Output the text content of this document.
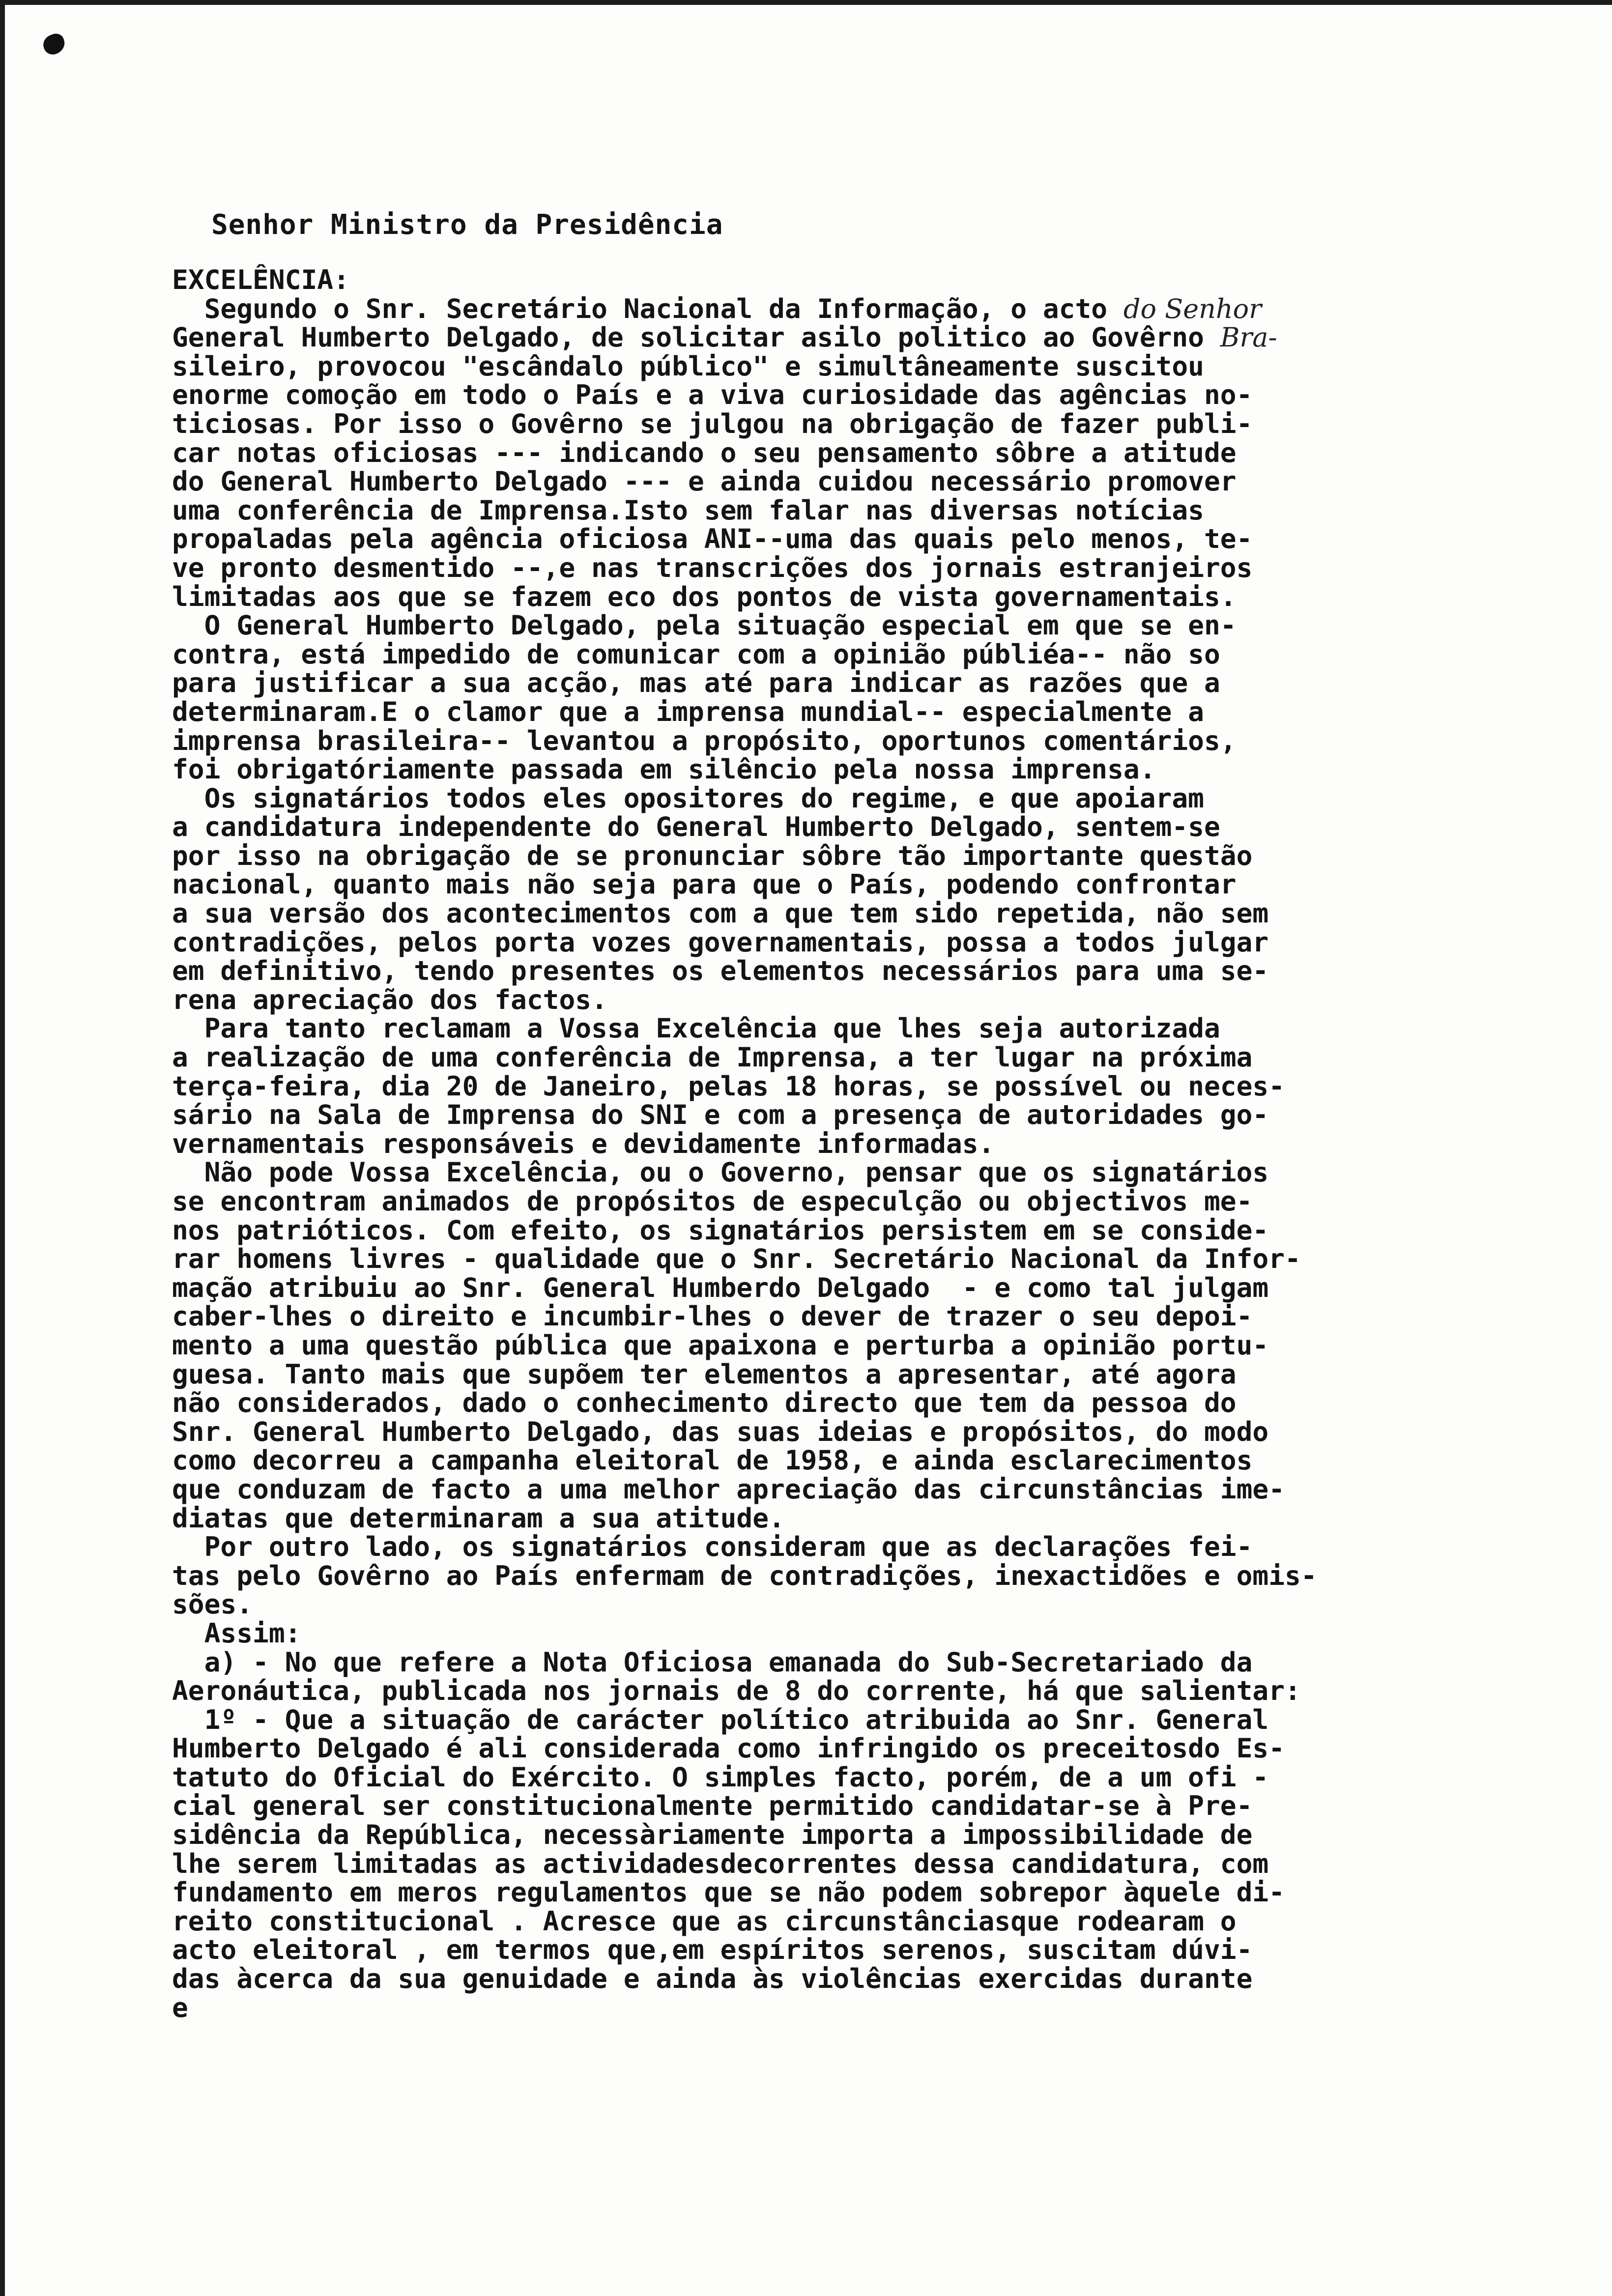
Senhor Ministro da Presidência
EXCELÊNCIA:
Segundo o Snr. Secretário Nacional da Informação, o acto do Senhor
General Humberto Delgado, de solicitar asilo politico ao Govêrno Bra-
sileiro, provocou "escândalo público" e simultâneamente suscitou
enorme comoção em todo o País e a viva curiosidade das agências no-
ticiosas. Por isso o Govêrno se julgou na obrigação de fazer publi-
car notas oficiosas --- indicando o seu pensamento sôbre a atitude
do General Humberto Delgado --- e ainda cuidou necessário promover
uma conferência de Imprensa.Isto sem falar nas diversas notícias
propaladas pela agência oficiosa ANI--uma das quais pelo menos, te-
ve pronto desmentido --,e nas transcrições dos jornais estranjeiros
limitadas aos que se fazem eco dos pontos de vista governamentais.
O General Humberto Delgado, pela situação especial em que se en-
contra, está impedido de comunicar com a opinião públiéa-- não so
para justificar a sua acção, mas até para indicar as razões que a
determinaram.E o clamor que a imprensa mundial-- especialmente a
imprensa brasileira-- levantou a propósito, oportunos comentários,
foi obrigatóriamente passada em silêncio pela nossa imprensa.
Os signatários todos eles opositores do regime, e que apoiaram
a candidatura independente do General Humberto Delgado, sentem-se
por isso na obrigação de se pronunciar sôbre tão importante questão
nacional, quanto mais não seja para que o País, podendo confrontar
a sua versão dos acontecimentos com a que tem sido repetida, não sem
contradições, pelos porta vozes governamentais, possa a todos julgar
em definitivo, tendo presentes os elementos necessários para uma se-
rena apreciação dos factos.
Para tanto reclamam a Vossa Excelência que lhes seja autorizada
a realização de uma conferência de Imprensa, a ter lugar na próxima
terça-feira, dia 20 de Janeiro, pelas 18 horas, se possível ou neces-
sário na Sala de Imprensa do SNI e com a presença de autoridades go-
vernamentais responsáveis e devidamente informadas.
Não pode Vossa Excelência, ou o Governo, pensar que os signatários
se encontram animados de propósitos de especulção ou objectivos me-
nos patrióticos. Com efeito, os signatários persistem em se conside-
rar homens livres - qualidade que o Snr. Secretário Nacional da Infor-
mação atribuiu ao Snr. General Humberdo Delgado  - e como tal julgam
caber-lhes o direito e incumbir-lhes o dever de trazer o seu depoi-
mento a uma questão pública que apaixona e perturba a opinião portu-
guesa. Tanto mais que supõem ter elementos a apresentar, até agora
não considerados, dado o conhecimento directo que tem da pessoa do
Snr. General Humberto Delgado, das suas ideias e propósitos, do modo
como decorreu a campanha eleitoral de 1958, e ainda esclarecimentos
que conduzam de facto a uma melhor apreciação das circunstâncias ime-
diatas que determinaram a sua atitude.
Por outro lado, os signatários consideram que as declarações fei-
tas pelo Govêrno ao País enfermam de contradições, inexactidões e omis-
sões.
Assim:
a) - No que refere a Nota Oficiosa emanada do Sub-Secretariado da
Aeronáutica, publicada nos jornais de 8 do corrente, há que salientar:
1º - Que a situação de carácter político atribuida ao Snr. General
Humberto Delgado é ali considerada como infringido os preceitosdo Es-
tatuto do Oficial do Exército. O simples facto, porém, de a um ofi -
cial general ser constitucionalmente permitido candidatar-se à Pre-
sidência da República, necessàriamente importa a impossibilidade de
lhe serem limitadas as actividadesdecorrentes dessa candidatura, com
fundamento em meros regulamentos que se não podem sobrepor àquele di-
reito constitucional . Acresce que as circunstânciasque rodearam o
acto eleitoral , em termos que,em espíritos serenos, suscitam dúvi-
das àcerca da sua genuidade e ainda às violências exercidas durante
e
